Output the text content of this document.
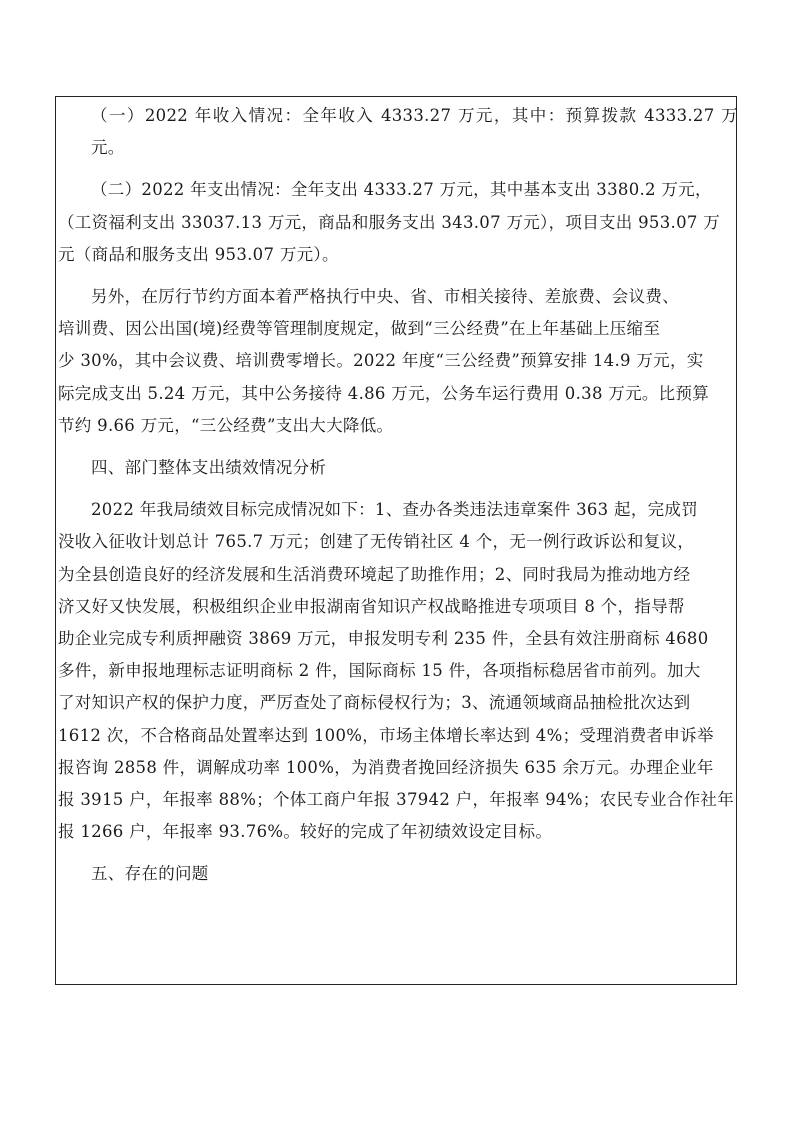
（一）2022 年收入情况：全年收入 4333.27 万元，其中：预算拨款 4333.27 万元。

（二）2022 年支出情况：全年支出 4333.27 万元，其中基本支出 3380.2 万元，
（工资福利支出 33037.13 万元，商品和服务支出 343.07 万元），项目支出 953.07 万
元（商品和服务支出 953.07 万元）。

另外，在厉行节约方面本着严格执行中央、省、市相关接待、差旅费、会议费、
培训费、因公出国(境)经费等管理制度规定，做到“三公经费”在上年基础上压缩至
少 30%，其中会议费、培训费零增长。2022 年度“三公经费”预算安排 14.9 万元，实
际完成支出 5.24 万元，其中公务接待 4.86 万元，公务车运行费用 0.38 万元。比预算
节约 9.66 万元，“三公经费”支出大大降低。

四、部门整体支出绩效情况分析

2022 年我局绩效目标完成情况如下：1、查办各类违法违章案件 363 起，完成罚
没收入征收计划总计 765.7 万元；创建了无传销社区 4 个，无一例行政诉讼和复议，
为全县创造良好的经济发展和生活消费环境起了助推作用；2、同时我局为推动地方经
济又好又快发展，积极组织企业申报湖南省知识产权战略推进专项项目 8 个，指导帮
助企业完成专利质押融资 3869 万元，申报发明专利 235 件，全县有效注册商标 4680
多件，新申报地理标志证明商标 2 件，国际商标 15 件，各项指标稳居省市前列。加大
了对知识产权的保护力度，严厉查处了商标侵权行为；3、流通领域商品抽检批次达到
1612 次，不合格商品处置率达到 100%，市场主体增长率达到 4%；受理消费者申诉举
报咨询 2858 件，调解成功率 100%，为消费者挽回经济损失 635 余万元。办理企业年
报 3915 户，年报率 88%；个体工商户年报 37942 户，年报率 94%；农民专业合作社年
报 1266 户，年报率 93.76%。较好的完成了年初绩效设定目标。

五、存在的问题
